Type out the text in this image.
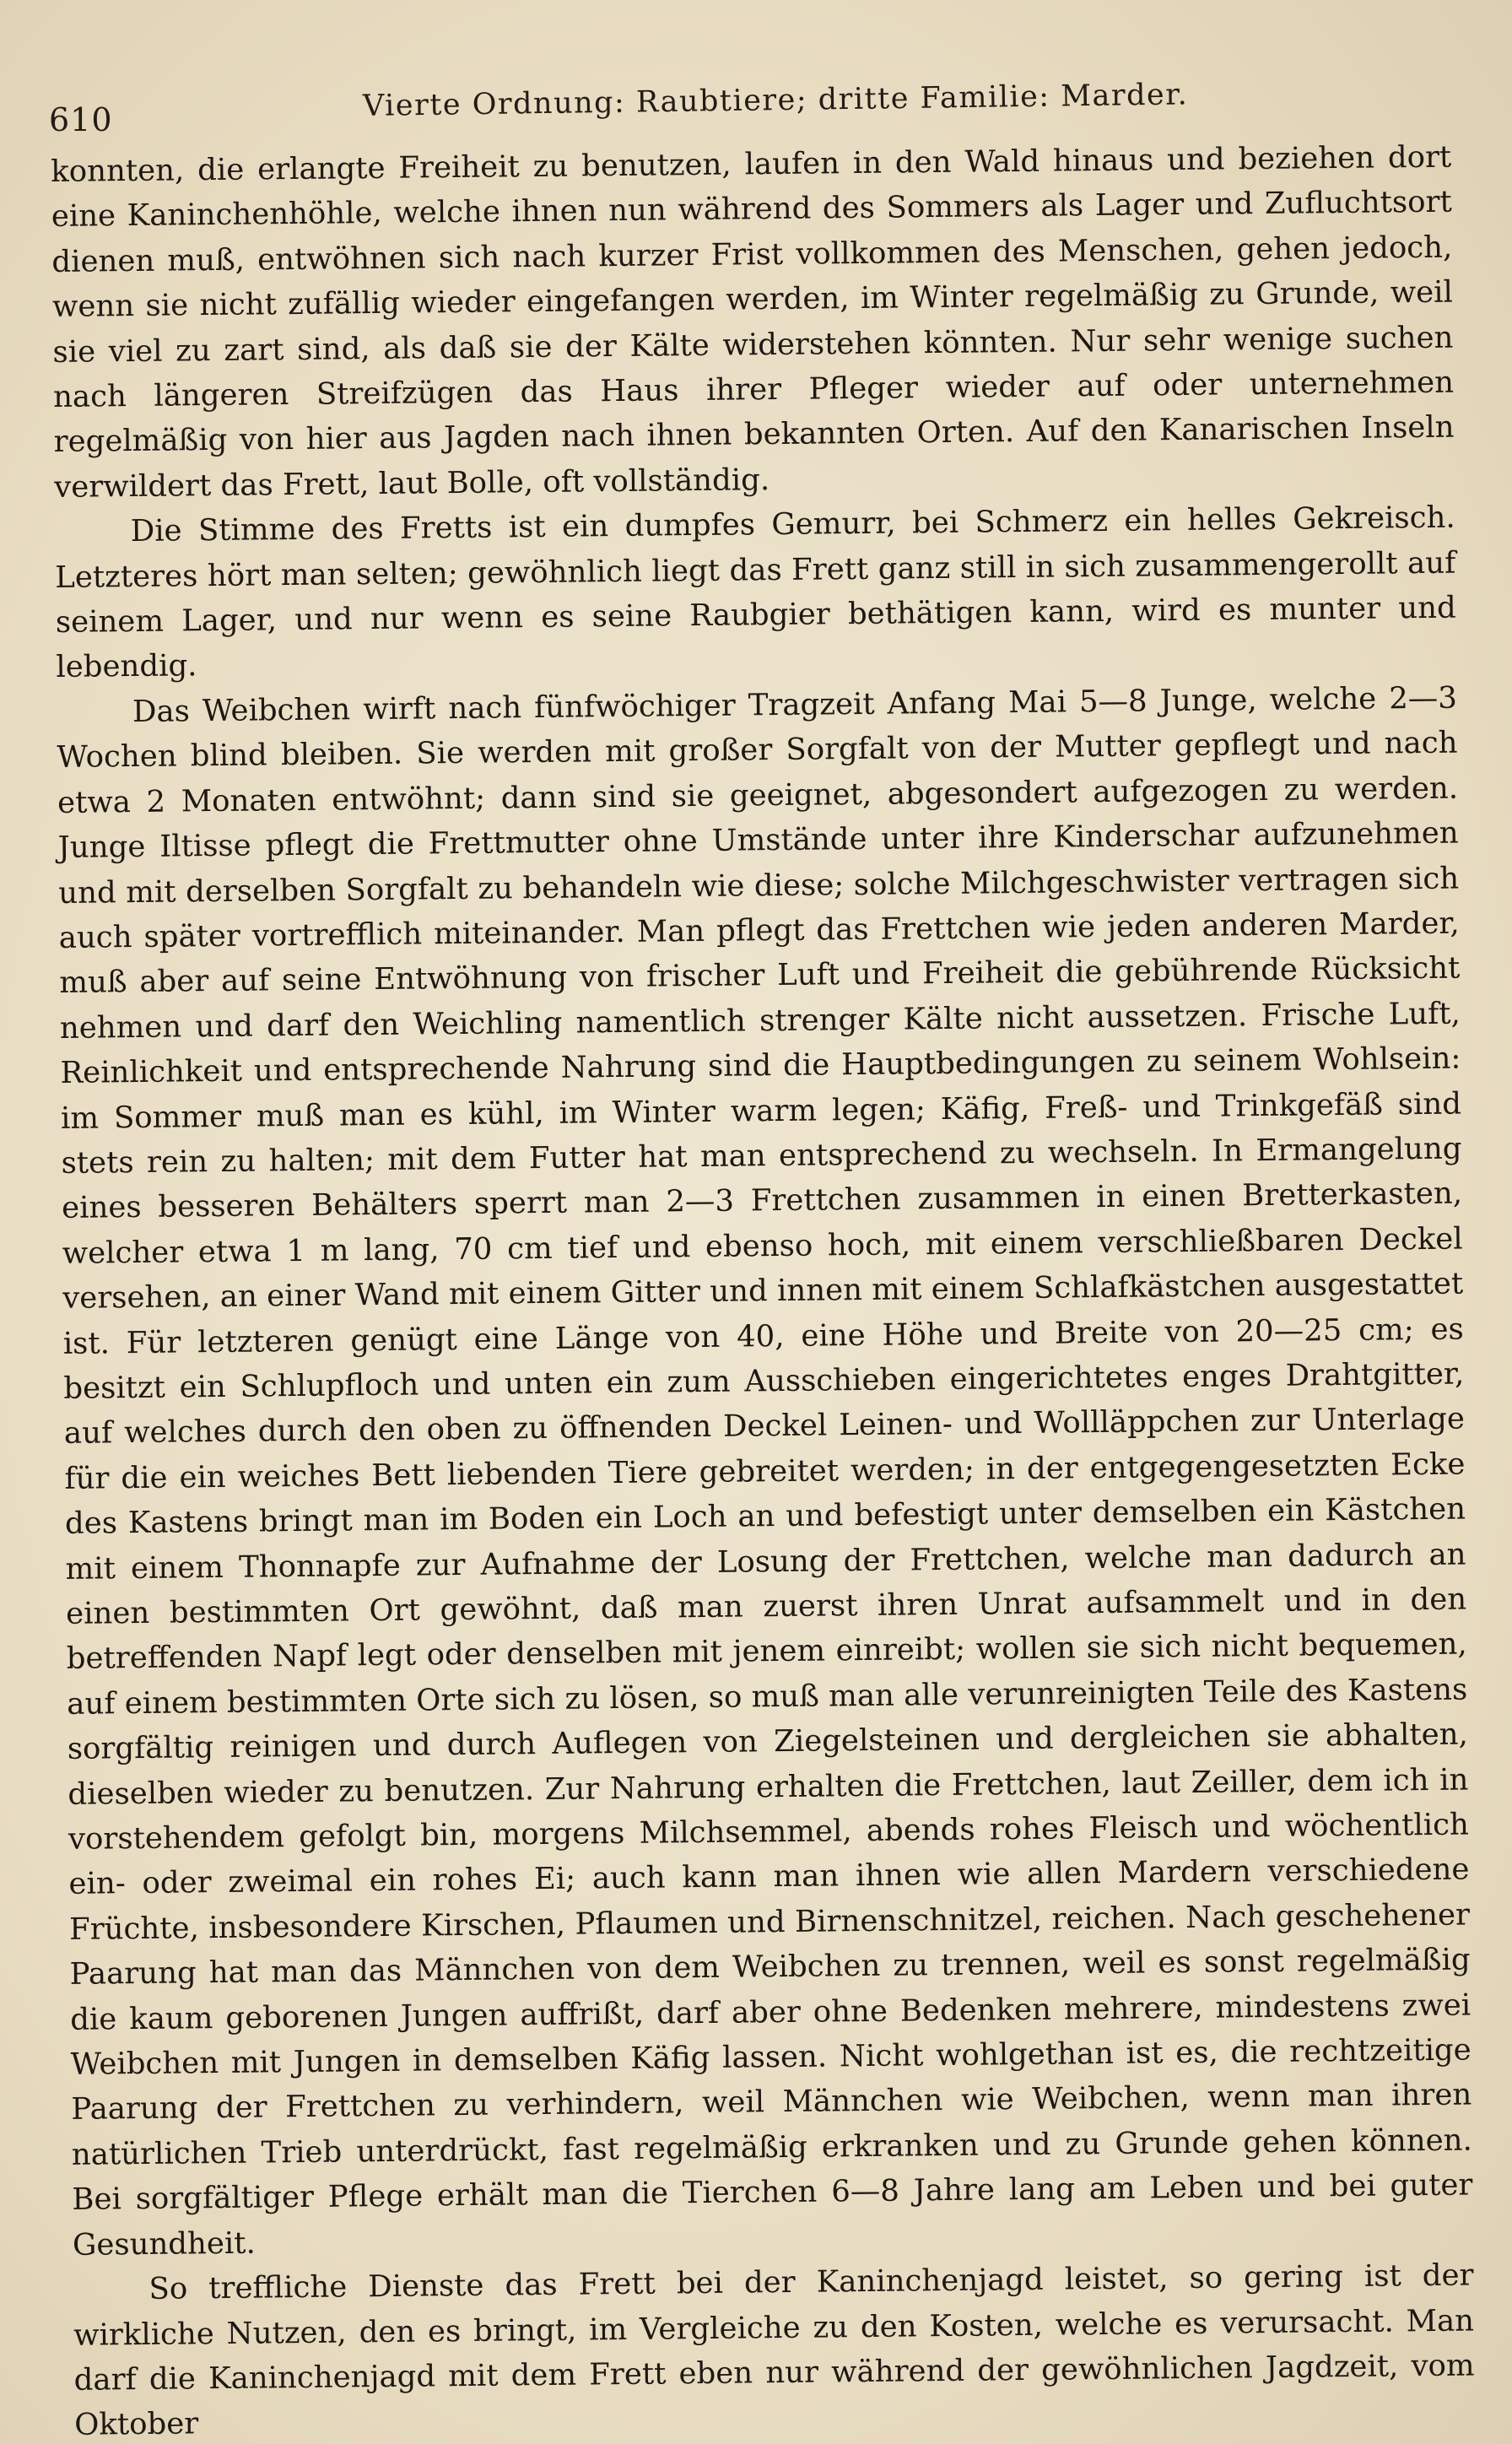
610	Vierte Ordnung: Raubtiere; dritte Familie: Marder.

konnten, die erlangte Freiheit zu benutzen, laufen in den Wald hinaus und beziehen dort eine Kaninchenhöhle, welche ihnen nun während des Sommers als Lager und Zufluchtsort dienen muß, entwöhnen sich nach kurzer Frist vollkommen des Menschen, gehen jedoch, wenn sie nicht zufällig wieder eingefangen werden, im Winter regelmäßig zu Grunde, weil sie viel zu zart sind, als daß sie der Kälte widerstehen könnten. Nur sehr wenige suchen nach längeren Streifzügen das Haus ihrer Pfleger wieder auf oder unternehmen regelmäßig von hier aus Jagden nach ihnen bekannten Orten. Auf den Kanarischen Inseln verwildert das Frett, laut Bolle, oft vollständig.

Die Stimme des Fretts ist ein dumpfes Gemurr, bei Schmerz ein helles Gekreisch. Letzteres hört man selten; gewöhnlich liegt das Frett ganz still in sich zusammengerollt auf seinem Lager, und nur wenn es seine Raubgier bethätigen kann, wird es munter und lebendig.

Das Weibchen wirft nach fünfwöchiger Tragzeit Anfang Mai 5—8 Junge, welche 2—3 Wochen blind bleiben. Sie werden mit großer Sorgfalt von der Mutter gepflegt und nach etwa 2 Monaten entwöhnt; dann sind sie geeignet, abgesondert aufgezogen zu werden. Junge Iltisse pflegt die Frettmutter ohne Umstände unter ihre Kinderschar aufzunehmen und mit derselben Sorgfalt zu behandeln wie diese; solche Milchgeschwister vertragen sich auch später vortrefflich miteinander. Man pflegt das Frettchen wie jeden anderen Marder, muß aber auf seine Entwöhnung von frischer Luft und Freiheit die gebührende Rücksicht nehmen und darf den Weichling namentlich strenger Kälte nicht aussetzen. Frische Luft, Reinlichkeit und entsprechende Nahrung sind die Hauptbedingungen zu seinem Wohlsein: im Sommer muß man es kühl, im Winter warm legen; Käfig, Freß- und Trinkgefäß sind stets rein zu halten; mit dem Futter hat man entsprechend zu wechseln. In Ermangelung eines besseren Behälters sperrt man 2—3 Frettchen zusammen in einen Bretterkasten, welcher etwa 1 m lang, 70 cm tief und ebenso hoch, mit einem verschließbaren Deckel versehen, an einer Wand mit einem Gitter und innen mit einem Schlafkästchen ausgestattet ist. Für letzteren genügt eine Länge von 40, eine Höhe und Breite von 20—25 cm; es besitzt ein Schlupfloch und unten ein zum Ausschieben eingerichtetes enges Drahtgitter, auf welches durch den oben zu öffnenden Deckel Leinen- und Wollläppchen zur Unterlage für die ein weiches Bett liebenden Tiere gebreitet werden; in der entgegengesetzten Ecke des Kastens bringt man im Boden ein Loch an und befestigt unter demselben ein Kästchen mit einem Thonnapfe zur Aufnahme der Losung der Frettchen, welche man dadurch an einen bestimmten Ort gewöhnt, daß man zuerst ihren Unrat aufsammelt und in den betreffenden Napf legt oder denselben mit jenem einreibt; wollen sie sich nicht bequemen, auf einem bestimmten Orte sich zu lösen, so muß man alle verunreinigten Teile des Kastens sorgfältig reinigen und durch Auflegen von Ziegelsteinen und dergleichen sie abhalten, dieselben wieder zu benutzen. Zur Nahrung erhalten die Frettchen, laut Zeiller, dem ich in vorstehendem gefolgt bin, morgens Milchsemmel, abends rohes Fleisch und wöchentlich ein- oder zweimal ein rohes Ei; auch kann man ihnen wie allen Mardern verschiedene Früchte, insbesondere Kirschen, Pflaumen und Birnenschnitzel, reichen. Nach geschehener Paarung hat man das Männchen von dem Weibchen zu trennen, weil es sonst regelmäßig die kaum geborenen Jungen auffrißt, darf aber ohne Bedenken mehrere, mindestens zwei Weibchen mit Jungen in demselben Käfig lassen. Nicht wohlgethan ist es, die rechtzeitige Paarung der Frettchen zu verhindern, weil Männchen wie Weibchen, wenn man ihren natürlichen Trieb unterdrückt, fast regelmäßig erkranken und zu Grunde gehen können. Bei sorgfältiger Pflege erhält man die Tierchen 6—8 Jahre lang am Leben und bei guter Gesundheit.

So treffliche Dienste das Frett bei der Kaninchenjagd leistet, so gering ist der wirkliche Nutzen, den es bringt, im Vergleiche zu den Kosten, welche es verursacht. Man darf die Kaninchenjagd mit dem Frett eben nur während der gewöhnlichen Jagdzeit, vom Oktober
